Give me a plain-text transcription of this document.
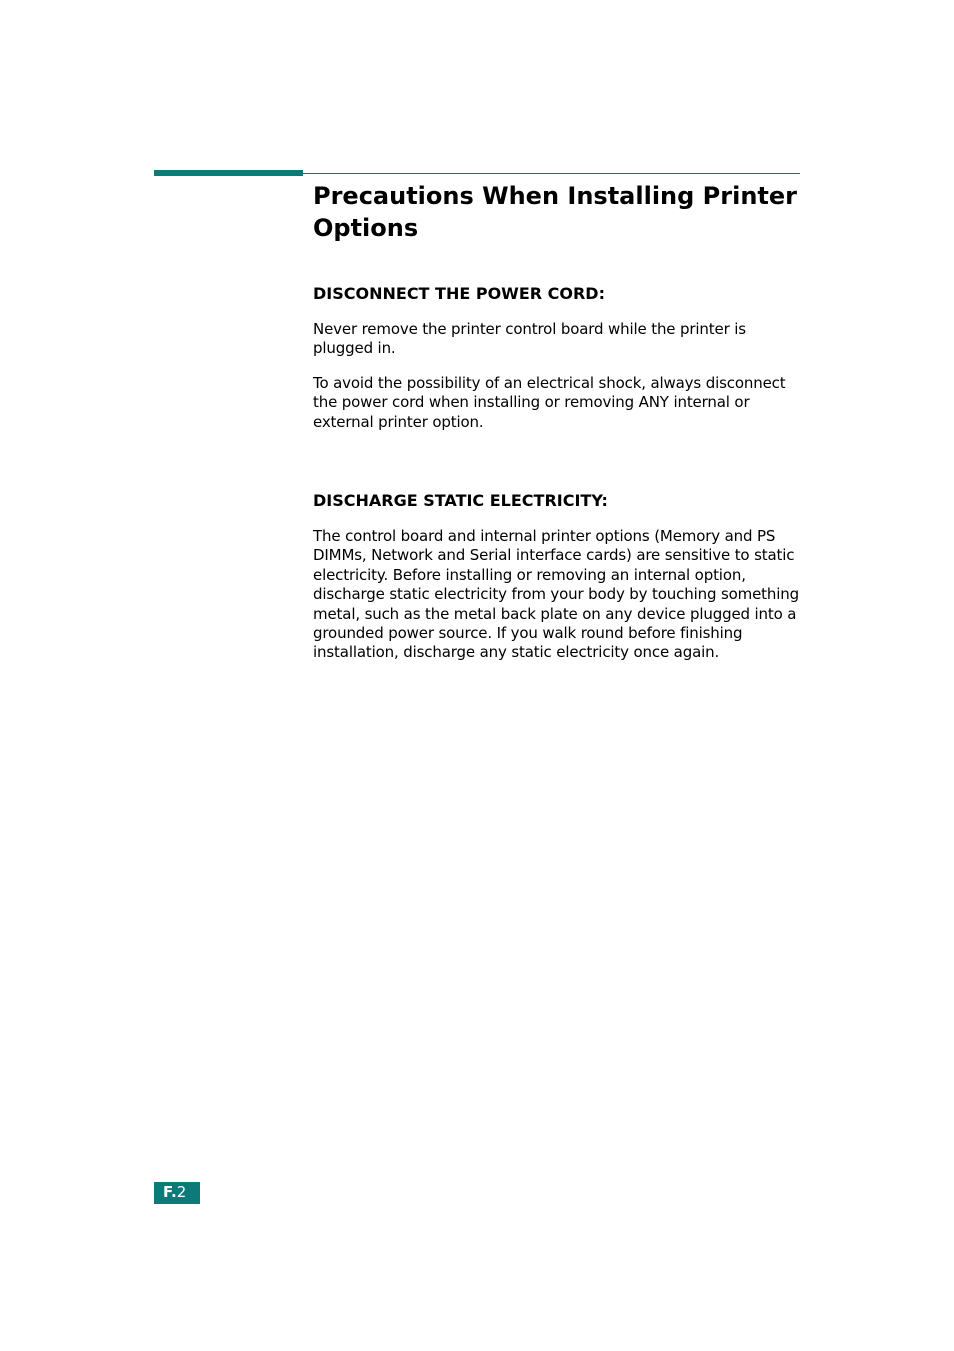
Precautions When Installing Printer Options
DISCONNECT THE POWER CORD:

Never remove the printer control board while the printer is plugged in.

To avoid the possibility of an electrical shock, always disconnect the power cord when installing or removing ANY internal or external printer option.

DISCHARGE STATIC ELECTRICITY:

The control board and internal printer options (Memory and PS DIMMs, Network and Serial interface cards) are sensitive to static electricity. Before installing or removing an internal option, discharge static electricity from your body by touching something metal, such as the metal back plate on any device plugged into a grounded power source. If you walk round before finishing installation, discharge any static electricity once again.

F.2
